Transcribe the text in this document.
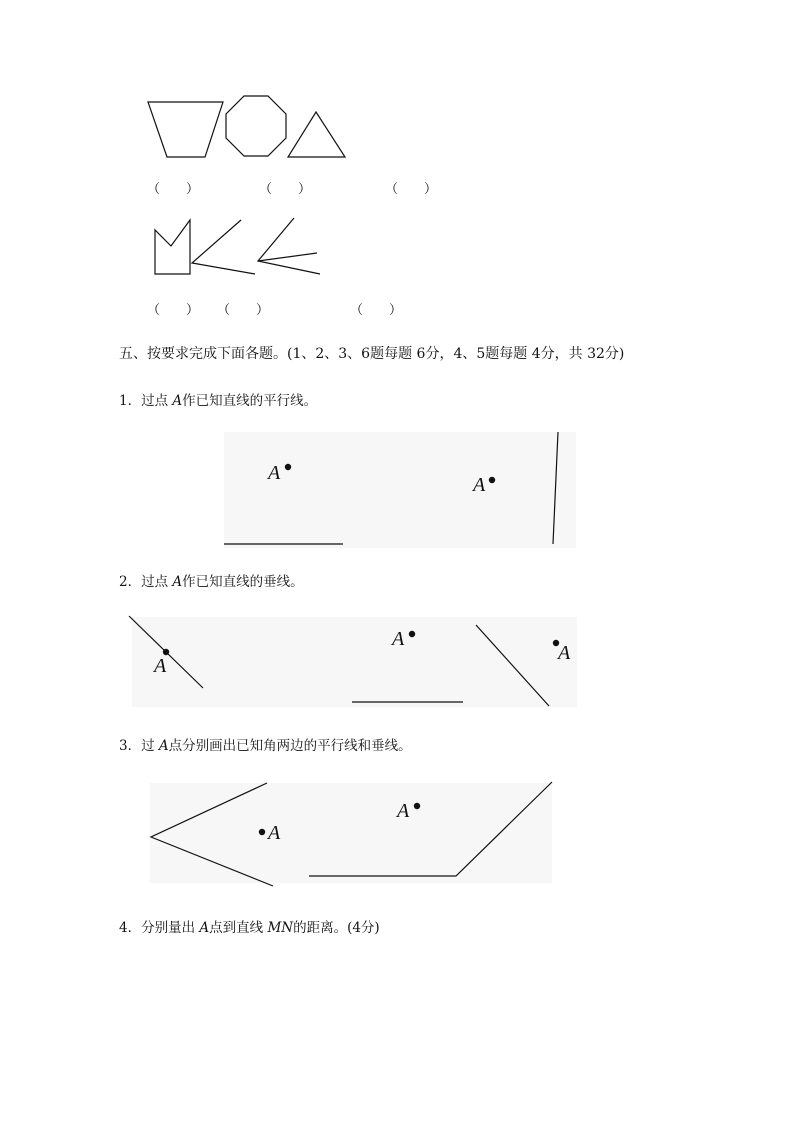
（　　）	（　　）	（　　）
（　　） （　　）	（　　）
五、按要求完成下面各题。(1、2、3、6题每题 6分，4、5题每题 4分，共 32分)
1．过点 A作已知直线的平行线。
A
A
2．过点 A作已知直线的垂线。
A
A
A
3．过 A点分别画出已知角两边的平行线和垂线。
A
A
4．分别量出 A点到直线 MN的距离。(4分)
